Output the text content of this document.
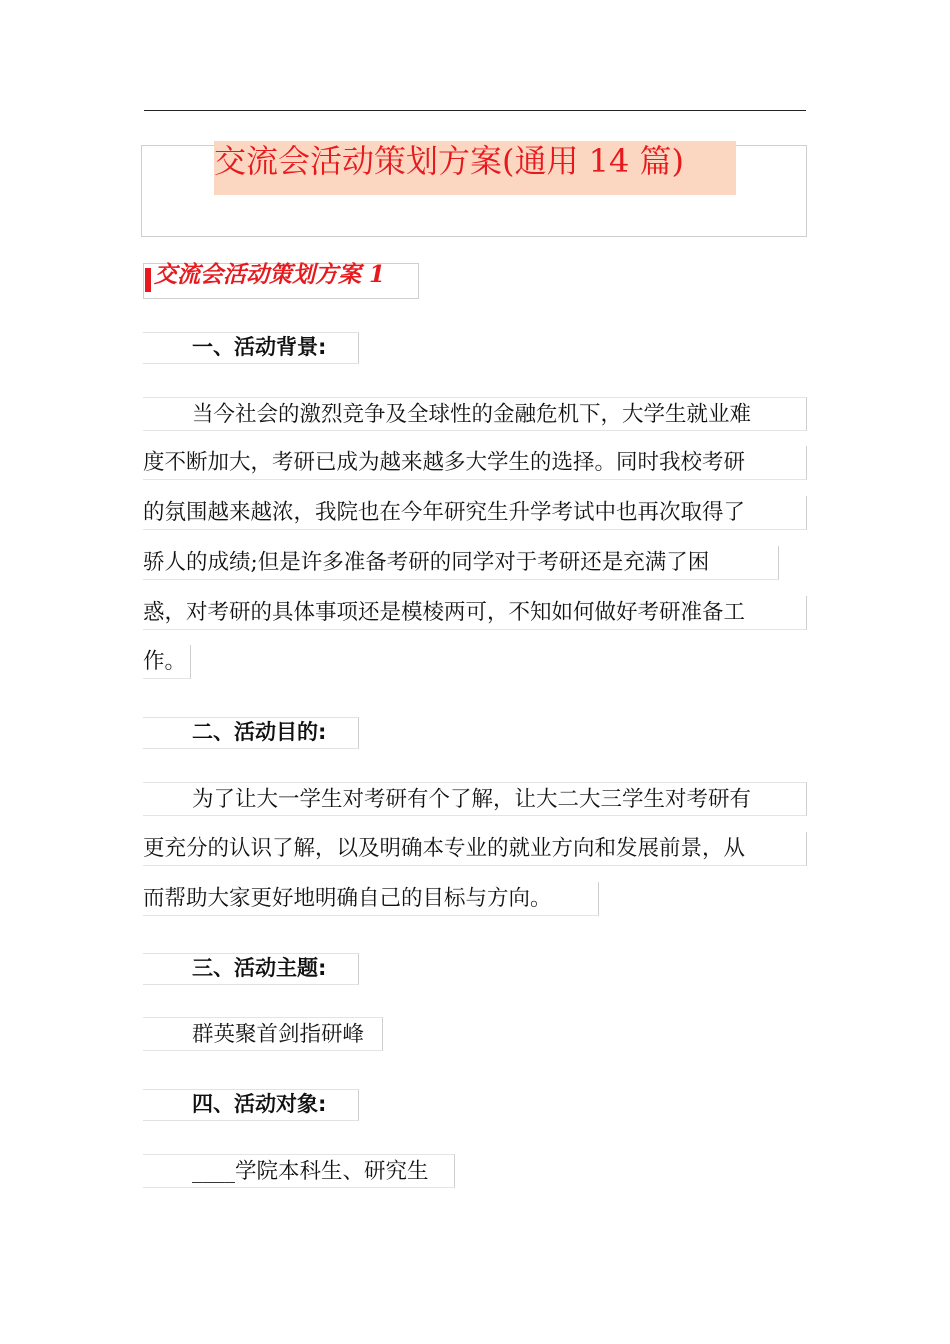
交流会活动策划方案(通用 14 篇)
交流会活动策划方案 1
一、活动背景:
当今社会的激烈竞争及全球性的金融危机下，大学生就业难
度不断加大，考研已成为越来越多大学生的选择。同时我校考研
的氛围越来越浓，我院也在今年研究生升学考试中也再次取得了
骄人的成绩;但是许多准备考研的同学对于考研还是充满了困
惑，对考研的具体事项还是模棱两可，不知如何做好考研准备工
作。
二、活动目的:
为了让大一学生对考研有个了解，让大二大三学生对考研有
更充分的认识了解，以及明确本专业的就业方向和发展前景，从
而帮助大家更好地明确自己的目标与方向。
三、活动主题:
群英聚首剑指研峰
四、活动对象:
____学院本科生、研究生
